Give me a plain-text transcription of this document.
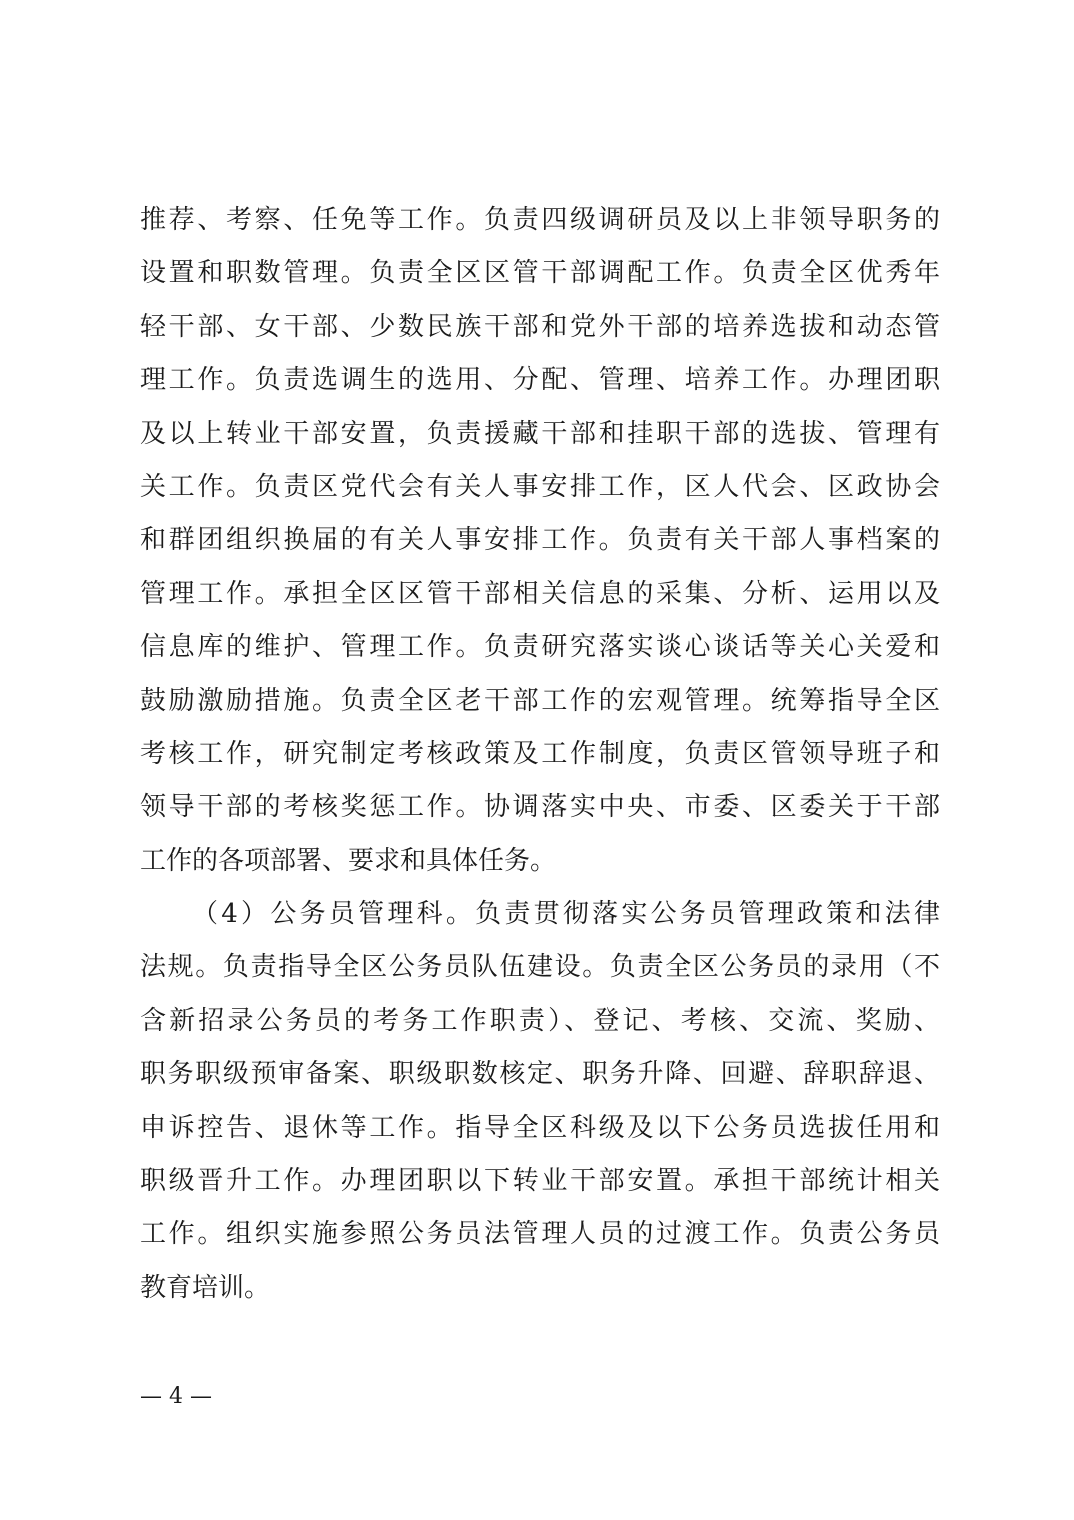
推荐、考察、任免等工作。负责四级调研员及以上非领导职务的
设置和职数管理。负责全区区管干部调配工作。负责全区优秀年
轻干部、女干部、少数民族干部和党外干部的培养选拔和动态管
理工作。负责选调生的选用、分配、管理、培养工作。办理团职
及以上转业干部安置，负责援藏干部和挂职干部的选拔、管理有
关工作。负责区党代会有关人事安排工作，区人代会、区政协会
和群团组织换届的有关人事安排工作。负责有关干部人事档案的
管理工作。承担全区区管干部相关信息的采集、分析、运用以及
信息库的维护、管理工作。负责研究落实谈心谈话等关心关爱和
鼓励激励措施。负责全区老干部工作的宏观管理。统筹指导全区
考核工作，研究制定考核政策及工作制度，负责区管领导班子和
领导干部的考核奖惩工作。协调落实中央、市委、区委关于干部
工作的各项部署、要求和具体任务。
（4）公务员管理科。负责贯彻落实公务员管理政策和法律
法规。负责指导全区公务员队伍建设。负责全区公务员的录用（不
含新招录公务员的考务工作职责）、登记、考核、交流、奖励、
职务职级预审备案、职级职数核定、职务升降、回避、辞职辞退、
申诉控告、退休等工作。指导全区科级及以下公务员选拔任用和
职级晋升工作。办理团职以下转业干部安置。承担干部统计相关
工作。组织实施参照公务员法管理人员的过渡工作。负责公务员
教育培训。
— 4 —
